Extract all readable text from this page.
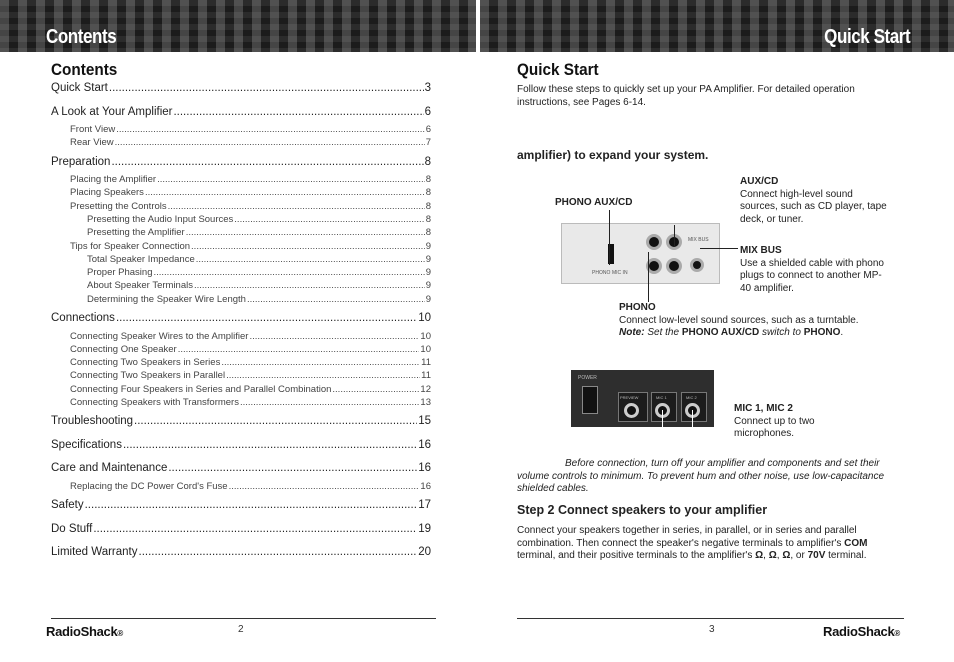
Contents
Contents
Quick Start .....	3
A Look at Your Amplifier .....	6
Front View .....	6
Rear View .....	7
Preparation .....	8
Placing the Amplifier .....	8
Placing Speakers .....	8
Presetting the Controls .....	8
Presetting the Audio Input Sources .....	8
Presetting the Amplifier .....	8
Tips for Speaker Connection .....	9
Total Speaker Impedance .....	9
Proper Phasing .....	9
About Speaker Terminals .....	9
Determining the Speaker Wire Length .....	9
Connections .....	10
Connecting Speaker Wires to the Amplifier .....	10
Connecting One Speaker .....	10
Connecting Two Speakers in Series .....	11
Connecting Two Speakers in Parallel .....	11
Connecting Four Speakers in Series and Parallel Combination .....	12
Connecting Speakers with Transformers .....	13
Troubleshooting .....	15
Specifications .....	16
Care and Maintenance .....	16
Replacing the DC Power Cord's Fuse .....	16
Safety .....	17
Do Stuff .....	19
Limited Warranty .....	20
RadioShack®	2
Quick Start
Quick Start
Follow these steps to quickly set up your PA Amplifier. For detailed operation instructions, see Pages 6-14.
amplifier) to expand your system.
PHONO AUX/CD
PHONO MIC IN
MIX BUS
AUX/CD
Connect high-level sound sources, such as CD player, tape deck, or tuner.
MIX BUS
Use a shielded cable with phono plugs to connect to another MP-40 amplifier.
PHONO
Connect low-level sound sources, such as a turntable.
Note: Set the PHONO AUX/CD switch to PHONO.
POWER
PREVIEW	MIC 1	MIC 2
MIC 1, MIC 2
Connect up to two microphones.
Before connection, turn off your amplifier and components and set their volume controls to minimum. To prevent hum and other noise, use low-capacitance shielded cables.
Step 2 Connect speakers to your amplifier
Connect your speakers together in series, in parallel, or in series and parallel combination. Then connect the speaker's negative terminals to amplifier's COM terminal, and their positive terminals to the amplifier's Ω, Ω, Ω, or 70V terminal.
3	RadioShack®
